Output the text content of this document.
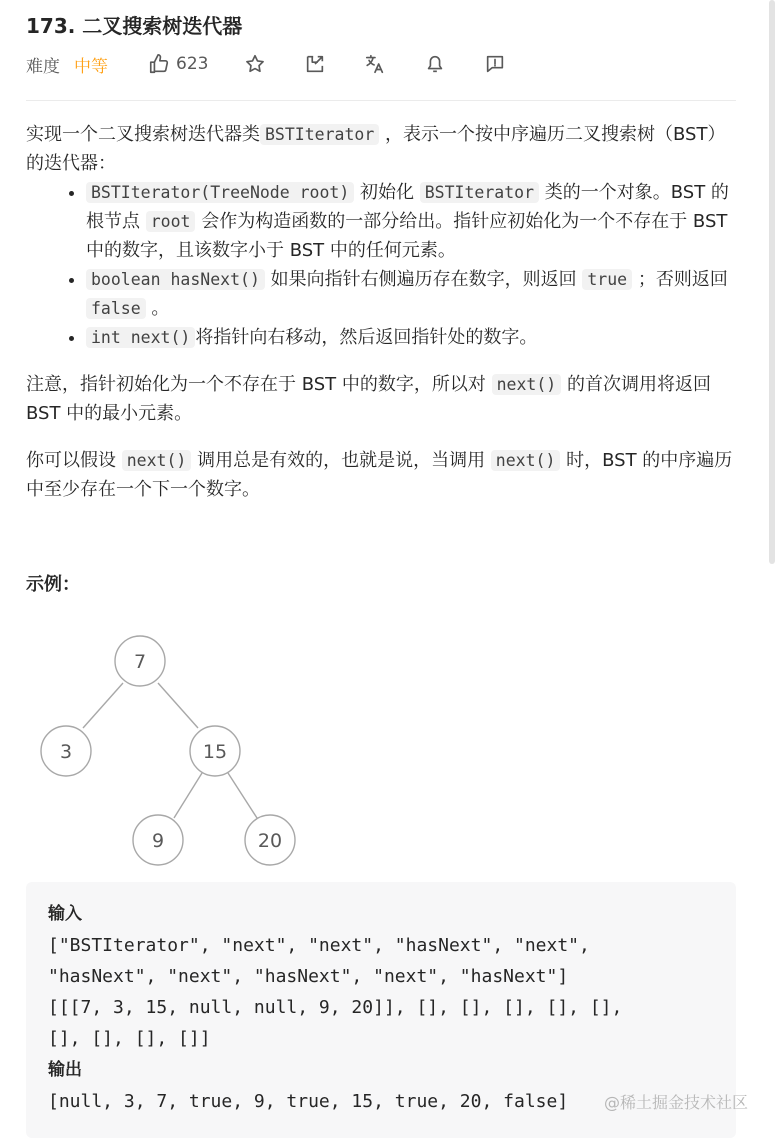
173. 二叉搜索树迭代器
难度 中等	623

实现一个二叉搜索树迭代器类 BSTIterator ，表示一个按中序遍历二叉搜索树（BST）的迭代器：

• BSTIterator(TreeNode root) 初始化 BSTIterator 类的一个对象。BST 的根节点 root 会作为构造函数的一部分给出。指针应初始化为一个不存在于 BST 中的数字，且该数字小于 BST 中的任何元素。
• boolean hasNext() 如果向指针右侧遍历存在数字，则返回 true ；否则返回 false 。
• int next() 将指针向右移动，然后返回指针处的数字。

注意，指针初始化为一个不存在于 BST 中的数字，所以对 next() 的首次调用将返回 BST 中的最小元素。

你可以假设 next() 调用总是有效的，也就是说，当调用 next() 时，BST 的中序遍历中至少存在一个下一个数字。

示例：

7
3	15
9	20
输入
["BSTIterator", "next", "next", "hasNext", "next",
"hasNext", "next", "hasNext", "next", "hasNext"]
[[[7, 3, 15, null, null, 9, 20]], [], [], [], [], [],
[], [], [], []]
输出
[null, 3, 7, true, 9, true, 15, true, 20, false]	@稀土掘金技术社区
